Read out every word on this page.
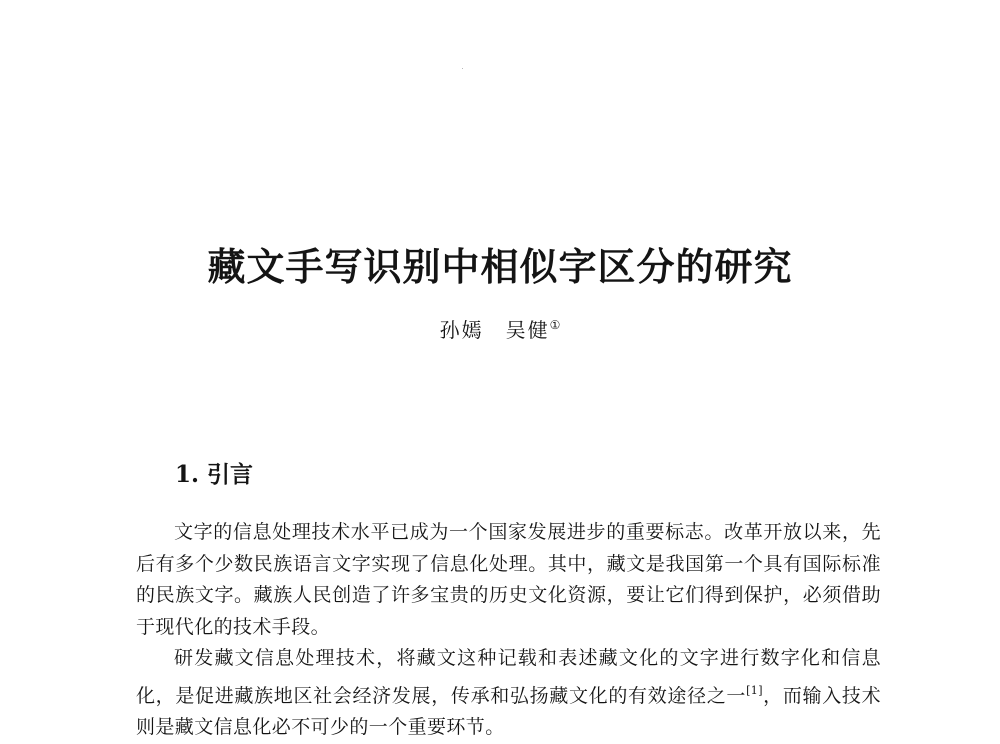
藏文手写识别中相似字区分的研究
孙嫣 吴健①
1. 引言

文字的信息处理技术水平已成为一个国家发展进步的重要标志。改革开放以来，先后有多个少数民族语言文字实现了信息化处理。其中，藏文是我国第一个具有国际标准的民族文字。藏族人民创造了许多宝贵的历史文化资源，要让它们得到保护，必须借助于现代化的技术手段。

研发藏文信息处理技术，将藏文这种记载和表述藏文化的文字进行数字化和信息化，是促进藏族地区社会经济发展，传承和弘扬藏文化的有效途径之一[1]，而输入技术则是藏文信息化必不可少的一个重要环节。
